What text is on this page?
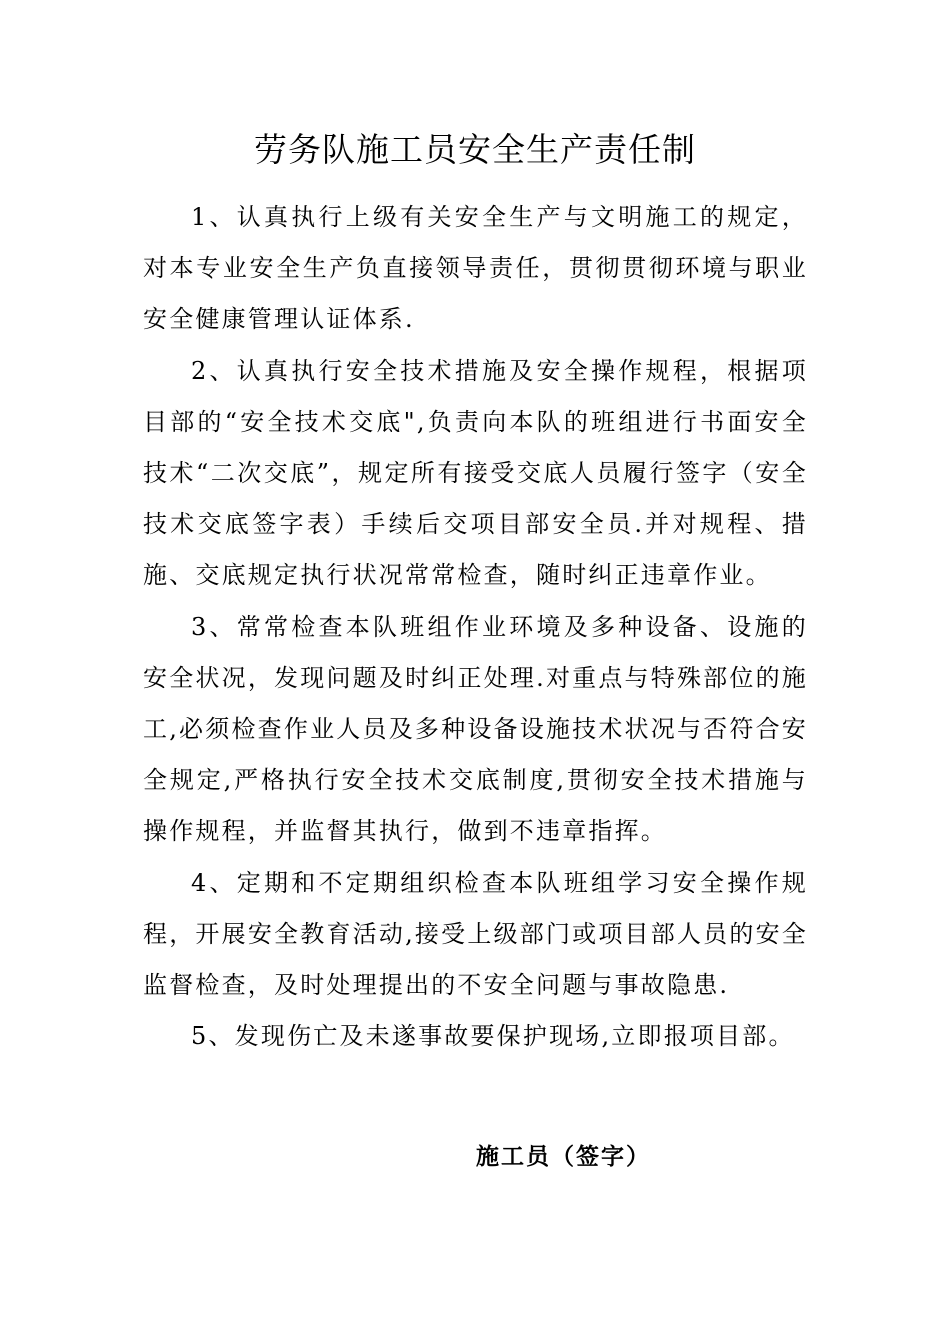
劳务队施工员安全生产责任制

1、认真执行上级有关安全生产与文明施工的规定，对本专业安全生产负直接领导责任，贯彻贯彻环境与职业安全健康管理认证体系.

2、认真执行安全技术措施及安全操作规程，根据项目部的“安全技术交底",负责向本队的班组进行书面安全技术“二次交底”，规定所有接受交底人员履行签字（安全技术交底签字表）手续后交项目部安全员.并对规程、措施、交底规定执行状况常常检查，随时纠正违章作业。

3、常常检查本队班组作业环境及多种设备、设施的安全状况，发现问题及时纠正处理.对重点与特殊部位的施工,必须检查作业人员及多种设备设施技术状况与否符合安全规定,严格执行安全技术交底制度,贯彻安全技术措施与操作规程，并监督其执行，做到不违章指挥。

4、定期和不定期组织检查本队班组学习安全操作规程，开展安全教育活动,接受上级部门或项目部人员的安全监督检查，及时处理提出的不安全问题与事故隐患.

5、发现伤亡及未遂事故要保护现场,立即报项目部。

施工员（签字）
